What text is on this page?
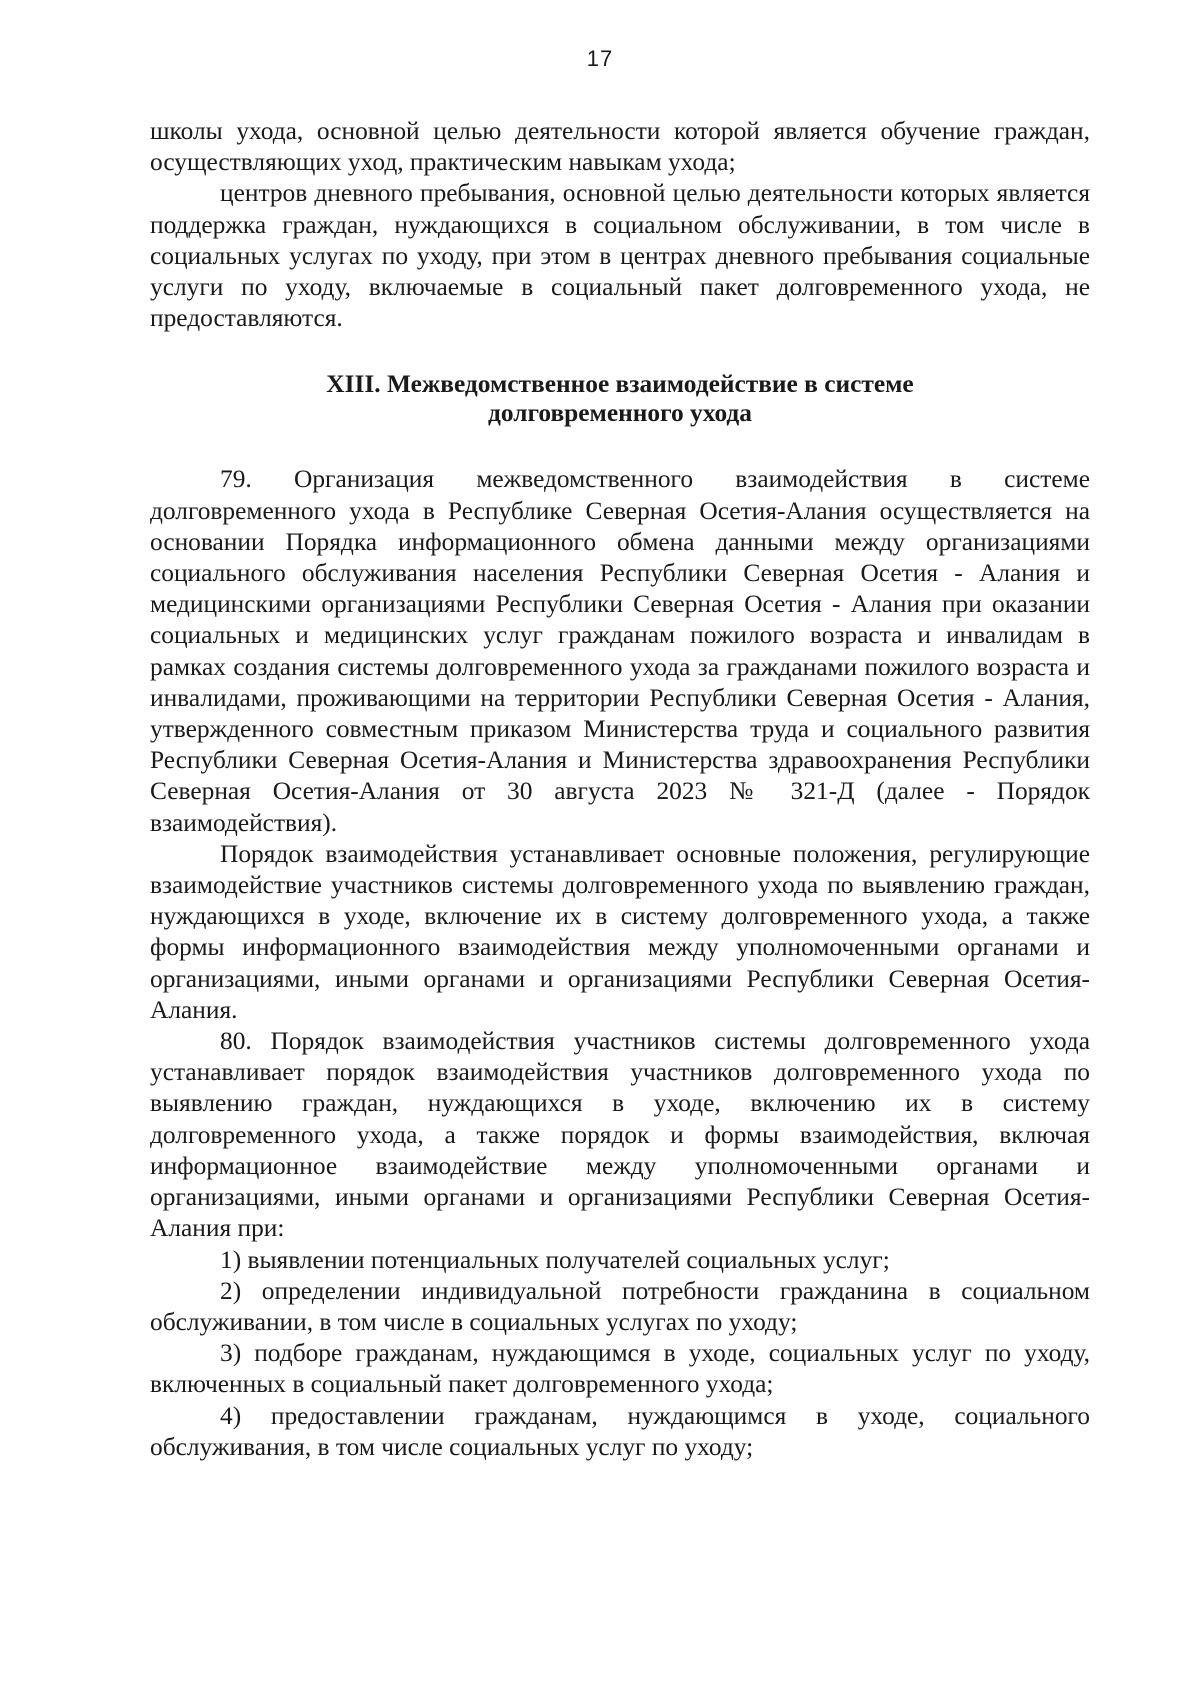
17

школы ухода, основной целью деятельности которой является обучение граждан, осуществляющих уход, практическим навыкам ухода;

центров дневного пребывания, основной целью деятельности которых является поддержка граждан, нуждающихся в социальном обслуживании, в том числе в социальных услугах по уходу, при этом в центрах дневного пребывания социальные услуги по уходу, включаемые в социальный пакет долговременного ухода, не предоставляются.

XIII. Межведомственное взаимодействие в системе
долговременного ухода

79. Организация межведомственного взаимодействия в системе долговременного ухода в Республике Северная Осетия-Алания осуществляется на основании Порядка информационного обмена данными между организациями социального обслуживания населения Республики Северная Осетия - Алания и медицинскими организациями Республики Северная Осетия - Алания при оказании социальных и медицинских услуг гражданам пожилого возраста и инвалидам в рамках создания системы долговременного ухода за гражданами пожилого возраста и инвалидами, проживающими на территории Республики Северная Осетия - Алания, утвержденного совместным приказом Министерства труда и социального развития Республики Северная Осетия-Алания и Министерства здравоохранения Республики Северная Осетия-Алания от 30 августа 2023 № 321-Д (далее - Порядок взаимодействия).

Порядок взаимодействия устанавливает основные положения, регулирующие взаимодействие участников системы долговременного ухода по выявлению граждан, нуждающихся в уходе, включение их в систему долговременного ухода, а также формы информационного взаимодействия между уполномоченными органами и организациями, иными органами и организациями Республики Северная Осетия-Алания.

80. Порядок взаимодействия участников системы долговременного ухода устанавливает порядок взаимодействия участников долговременного ухода по выявлению граждан, нуждающихся в уходе, включению их в систему долговременного ухода, а также порядок и формы взаимодействия, включая информационное взаимодействие между уполномоченными органами и организациями, иными органами и организациями Республики Северная Осетия-Алания при:

1) выявлении потенциальных получателей социальных услуг;

2) определении индивидуальной потребности гражданина в социальном обслуживании, в том числе в социальных услугах по уходу;

3) подборе гражданам, нуждающимся в уходе, социальных услуг по уходу, включенных в социальный пакет долговременного ухода;

4) предоставлении гражданам, нуждающимся в уходе, социального обслуживания, в том числе социальных услуг по уходу;
